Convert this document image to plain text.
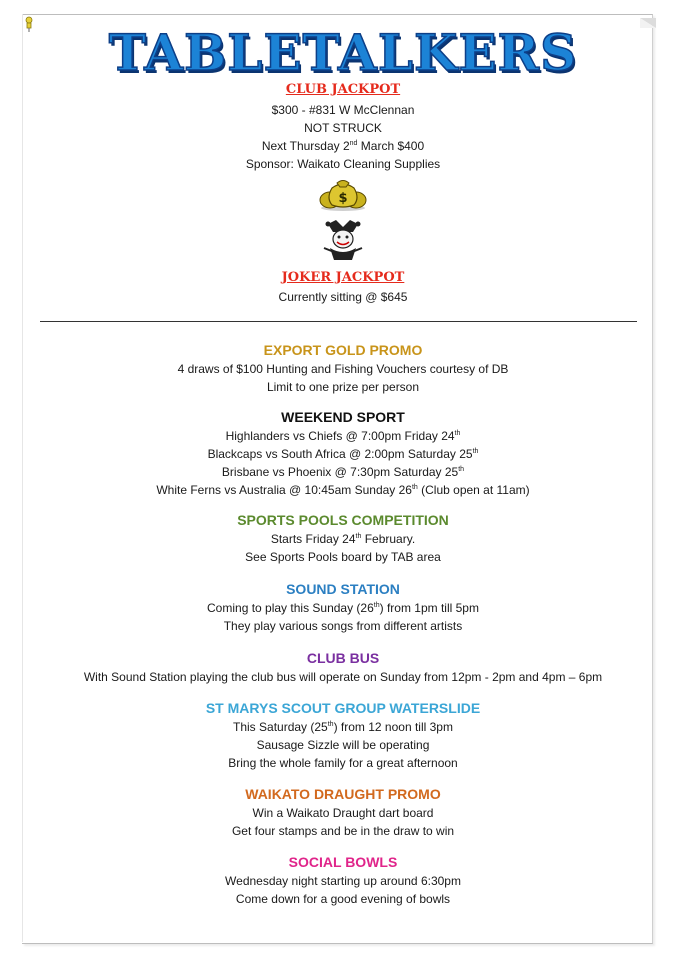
TABLETALKERS
CLUB JACKPOT
$300 - #831 W McClennan
NOT STRUCK
Next Thursday 2nd March $400
Sponsor: Waikato Cleaning Supplies
$
JOKER JACKPOT
Currently sitting @ $645
EXPORT GOLD PROMO
4 draws of $100 Hunting and Fishing Vouchers courtesy of DB
Limit to one prize per person
WEEKEND SPORT
Highlanders vs Chiefs @ 7:00pm Friday 24th
Blackcaps vs South Africa @ 2:00pm Saturday 25th
Brisbane vs Phoenix @ 7:30pm Saturday 25th
White Ferns vs Australia @ 10:45am Sunday 26th (Club open at 11am)
SPORTS POOLS COMPETITION
Starts Friday 24th February.
See Sports Pools board by TAB area
SOUND STATION
Coming to play this Sunday (26th) from 1pm till 5pm
They play various songs from different artists
CLUB BUS
With Sound Station playing the club bus will operate on Sunday from 12pm - 2pm and 4pm – 6pm
ST MARYS SCOUT GROUP WATERSLIDE
This Saturday (25th) from 12 noon till 3pm
Sausage Sizzle will be operating
Bring the whole family for a great afternoon
WAIKATO DRAUGHT PROMO
Win a Waikato Draught dart board
Get four stamps and be in the draw to win
SOCIAL BOWLS
Wednesday night starting up around 6:30pm
Come down for a good evening of bowls
